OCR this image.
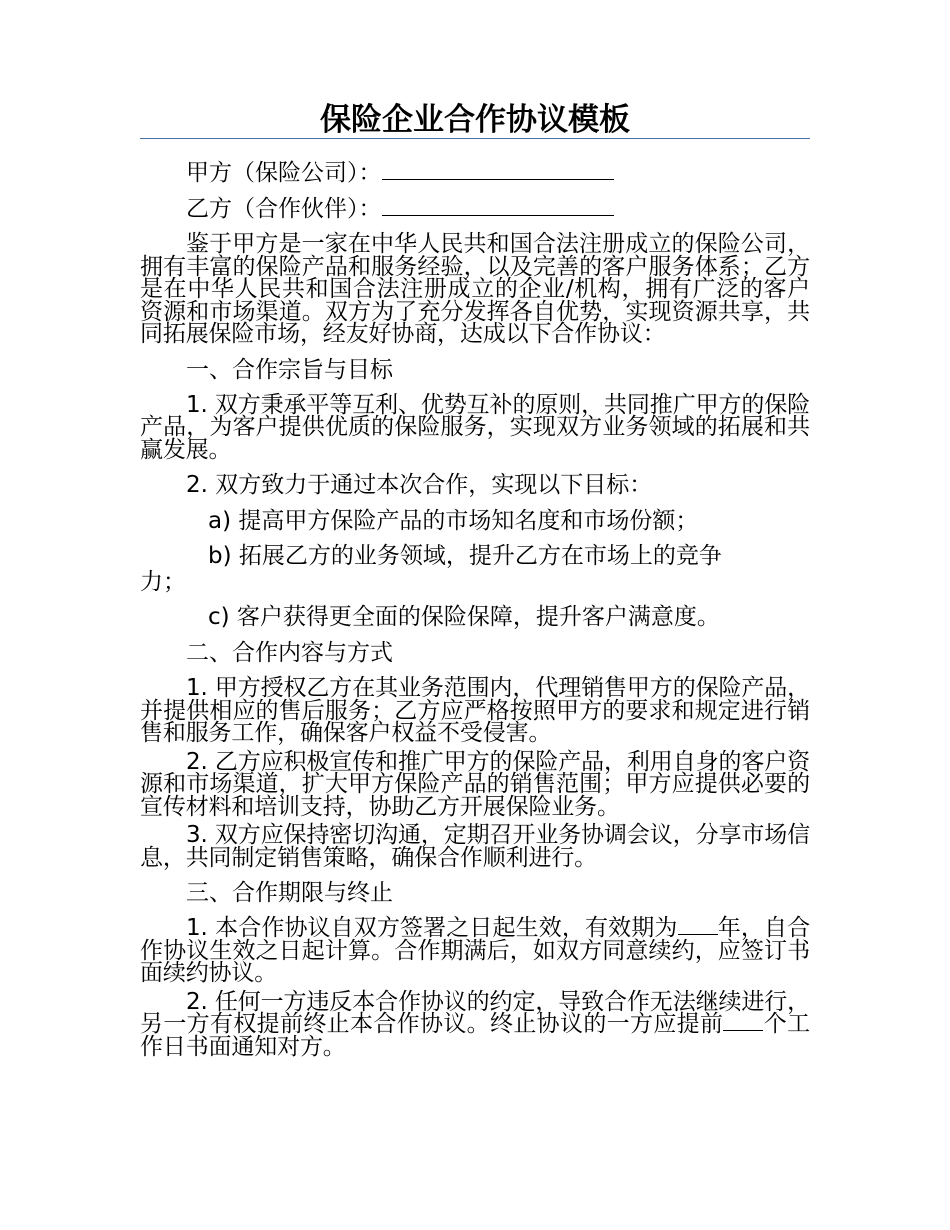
保险企业合作协议模板

甲方（保险公司）：

乙方（合作伙伴）：

鉴于甲方是一家在中华人民共和国合法注册成立的保险公司，拥有丰富的保险产品和服务经验，以及完善的客户服务体系；乙方是在中华人民共和国合法注册成立的企业/机构，拥有广泛的客户资源和市场渠道。双方为了充分发挥各自优势，实现资源共享，共同拓展保险市场，经友好协商，达成以下合作协议：

一、合作宗旨与目标

1. 双方秉承平等互利、优势互补的原则，共同推广甲方的保险产品，为客户提供优质的保险服务，实现双方业务领域的拓展和共赢发展。

2. 双方致力于通过本次合作，实现以下目标：

a) 提高甲方保险产品的市场知名度和市场份额；

b) 拓展乙方的业务领域，提升乙方在市场上的竞争力；

c) 客户获得更全面的保险保障，提升客户满意度。

二、合作内容与方式

1. 甲方授权乙方在其业务范围内，代理销售甲方的保险产品，并提供相应的售后服务；乙方应严格按照甲方的要求和规定进行销售和服务工作，确保客户权益不受侵害。

2. 乙方应积极宣传和推广甲方的保险产品，利用自身的客户资源和市场渠道，扩大甲方保险产品的销售范围；甲方应提供必要的宣传材料和培训支持，协助乙方开展保险业务。

3. 双方应保持密切沟通，定期召开业务协调会议，分享市场信息，共同制定销售策略，确保合作顺利进行。

三、合作期限与终止

1. 本合作协议自双方签署之日起生效，有效期为 年，自合作协议生效之日起计算。合作期满后，如双方同意续约，应签订书面续约协议。

2. 任何一方违反本合作协议的约定，导致合作无法继续进行，另一方有权提前终止本合作协议。终止协议的一方应提前 个工作日书面通知对方。
